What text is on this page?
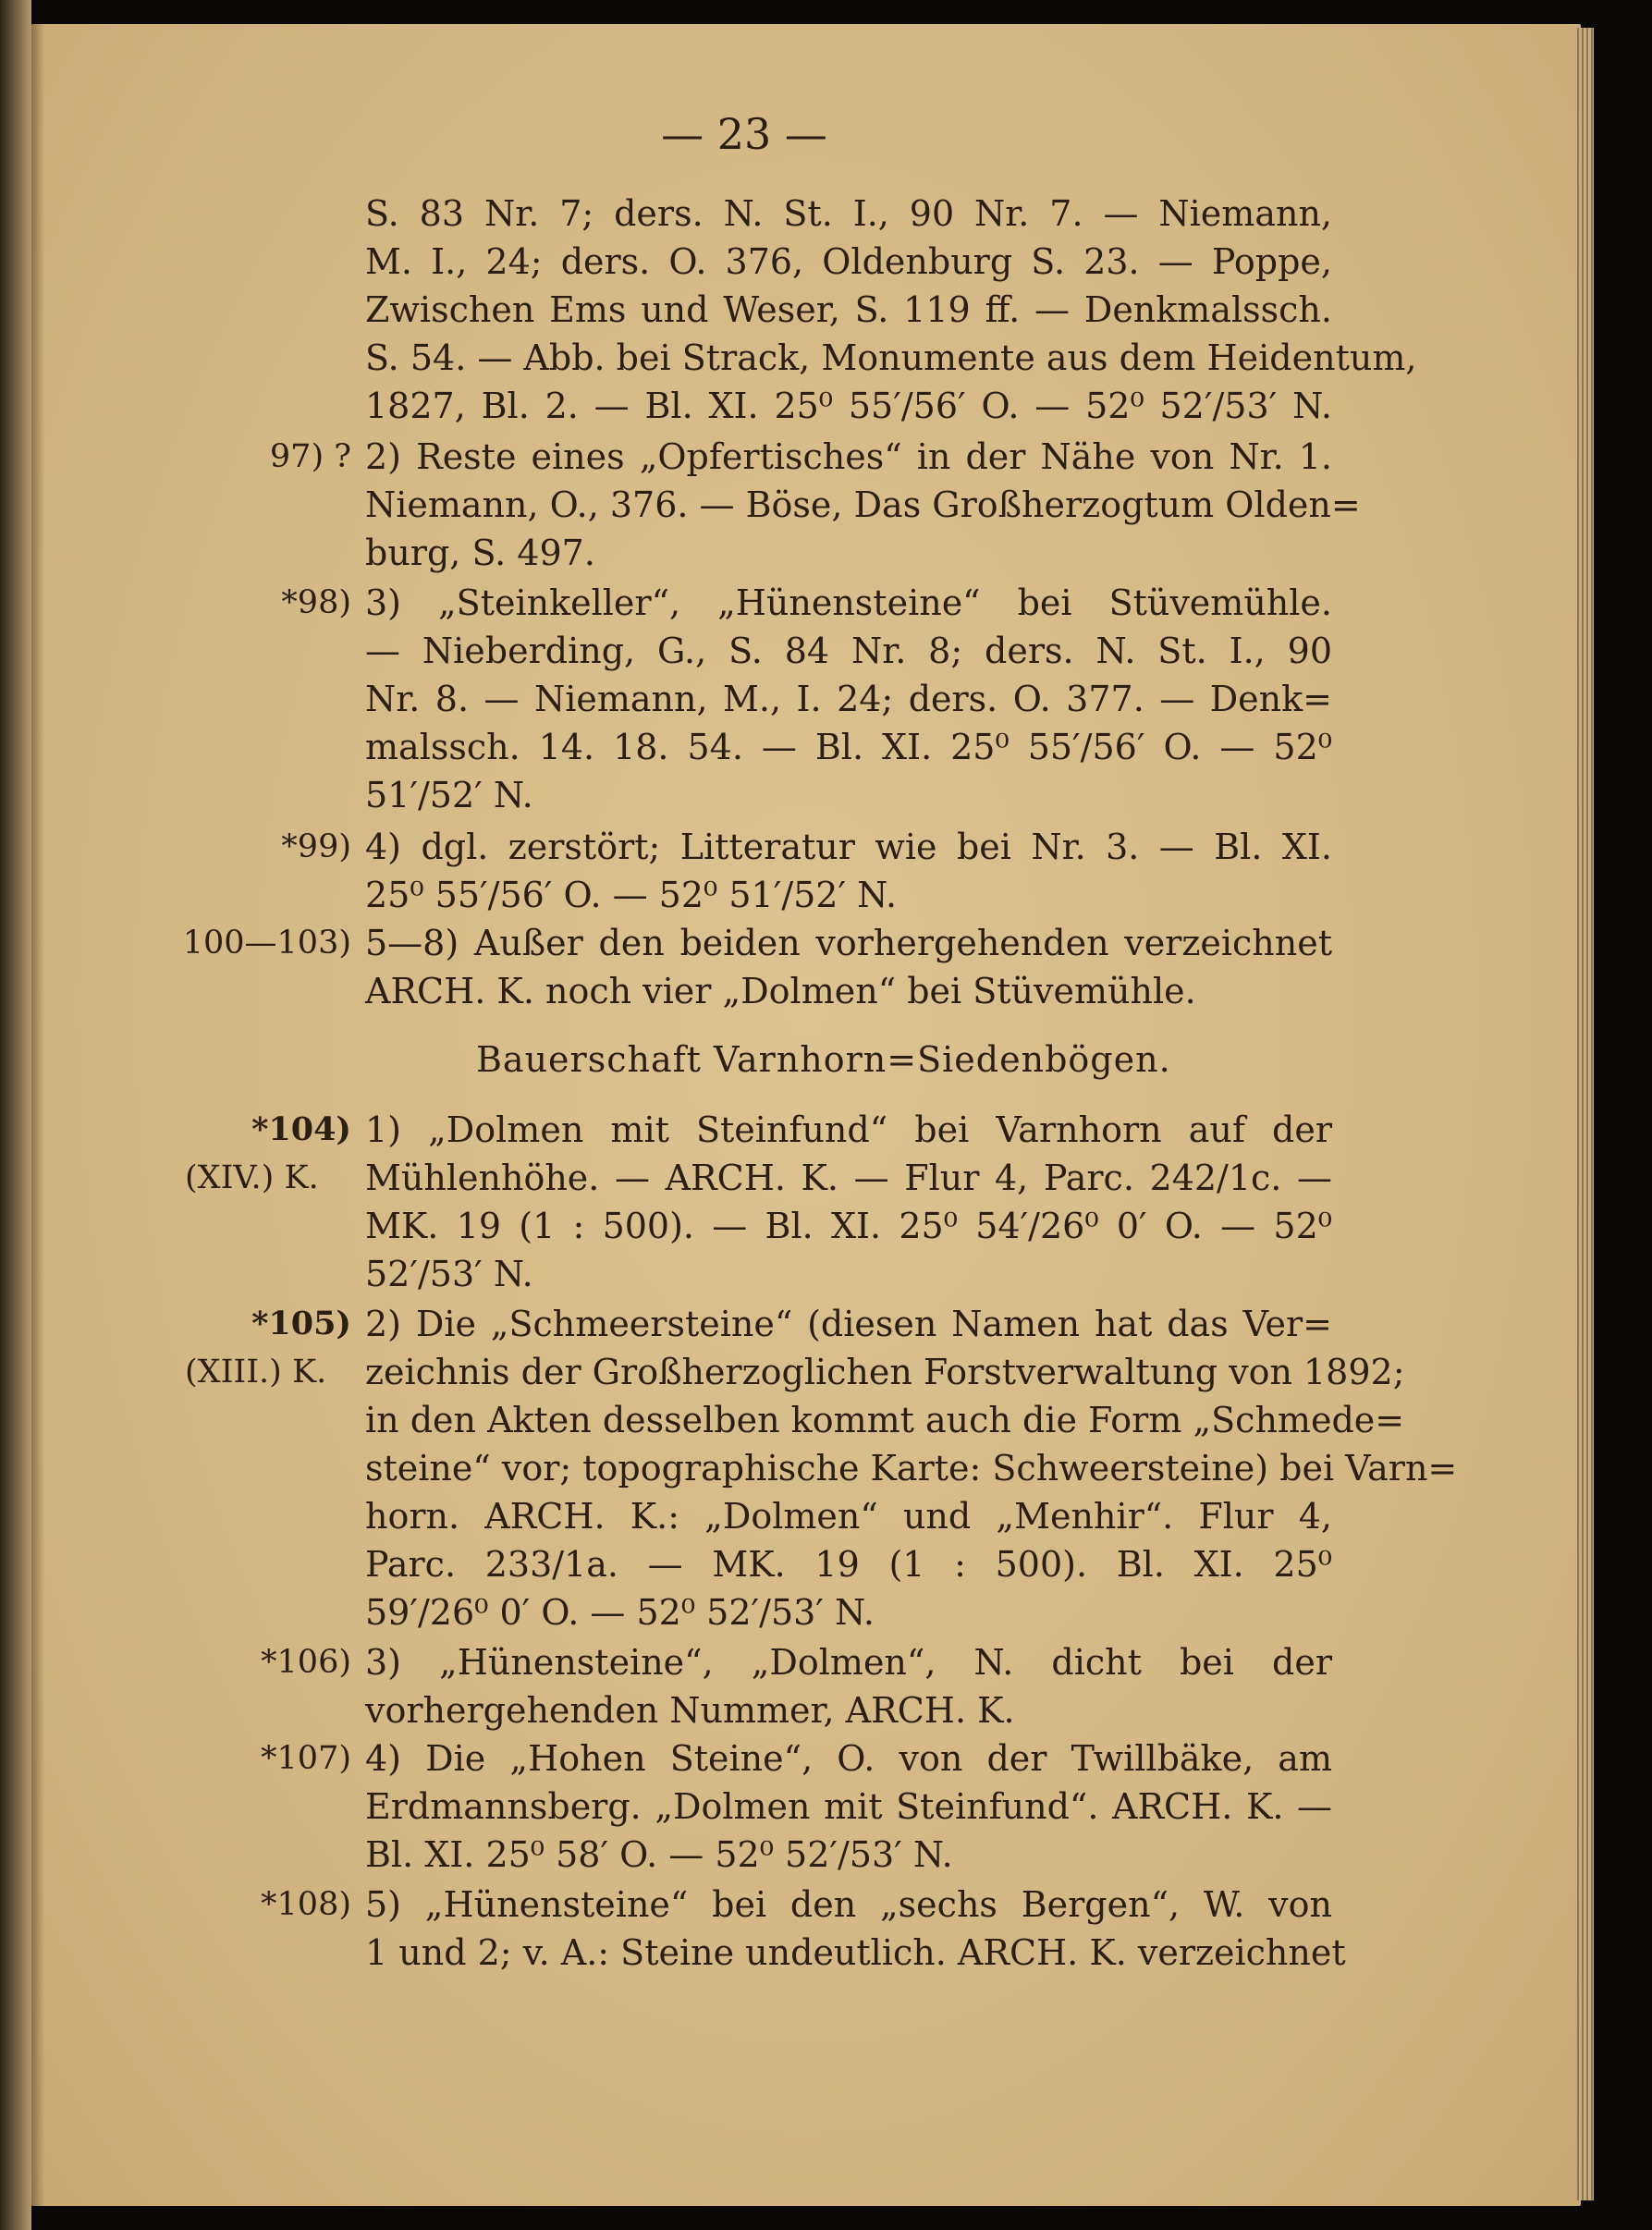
— 23 —

S. 83 Nr. 7; ders. N. St. I., 90 Nr. 7. — Niemann,

M. I., 24; ders. O. 376, Oldenburg S. 23. — Poppe,

Zwischen Ems und Weser, S. 119 ff. — Denkmalssch.

S. 54. — Abb. bei Strack, Monumente aus dem Heidentum,

1827, Bl. 2. — Bl. XI. 25⁰ 55′/56′ O. — 52⁰ 52′/53′ N.

97) ? 2) Reste eines „Opfertisches“ in der Nähe von Nr. 1.

Niemann, O., 376. — Böse, Das Großherzogtum Olden=

burg, S. 497.

*98) 3) „Steinkeller“, „Hünensteine“ bei Stüvemühle.

— Nieberding, G., S. 84 Nr. 8; ders. N. St. I., 90

Nr. 8. — Niemann, M., I. 24; ders. O. 377. — Denk=

malssch. 14. 18. 54. — Bl. XI. 25⁰ 55′/56′ O. — 52⁰

51′/52′ N.

*99) 4) dgl. zerstört; Litteratur wie bei Nr. 3. — Bl. XI.

25⁰ 55′/56′ O. — 52⁰ 51′/52′ N.

100—103) 5—8) Außer den beiden vorhergehenden verzeichnet

ARCH. K. noch vier „Dolmen“ bei Stüvemühle.

Bauerschaft Varnhorn=Siedenbögen.

*104)

(XIV.) K.

1) „Dolmen mit Steinfund“ bei Varnhorn auf der

Mühlenhöhe. — ARCH. K. — Flur 4, Parc. 242/1c. —

MK. 19 (1 : 500). — Bl. XI. 25⁰ 54′/26⁰ 0′ O. — 52⁰

52′/53′ N.

*105)

(XIII.) K.

2) Die „Schmeersteine“ (diesen Namen hat das Ver=

zeichnis der Großherzoglichen Forstverwaltung von 1892;

in den Akten desselben kommt auch die Form „Schmede=

steine“ vor; topographische Karte: Schweersteine) bei Varn=

horn. ARCH. K.: „Dolmen“ und „Menhir“. Flur 4,

Parc. 233/1a. — MK. 19 (1 : 500). Bl. XI. 25⁰

59′/26⁰ 0′ O. — 52⁰ 52′/53′ N.

*106) 3) „Hünensteine“, „Dolmen“, N. dicht bei der

vorhergehenden Nummer, ARCH. K.

*107) 4) Die „Hohen Steine“, O. von der Twillbäke, am

Erdmannsberg. „Dolmen mit Steinfund“. ARCH. K. —

Bl. XI. 25⁰ 58′ O. — 52⁰ 52′/53′ N.

*108) 5) „Hünensteine“ bei den „sechs Bergen“, W. von

1 und 2; v. A.: Steine undeutlich. ARCH. K. verzeichnet
